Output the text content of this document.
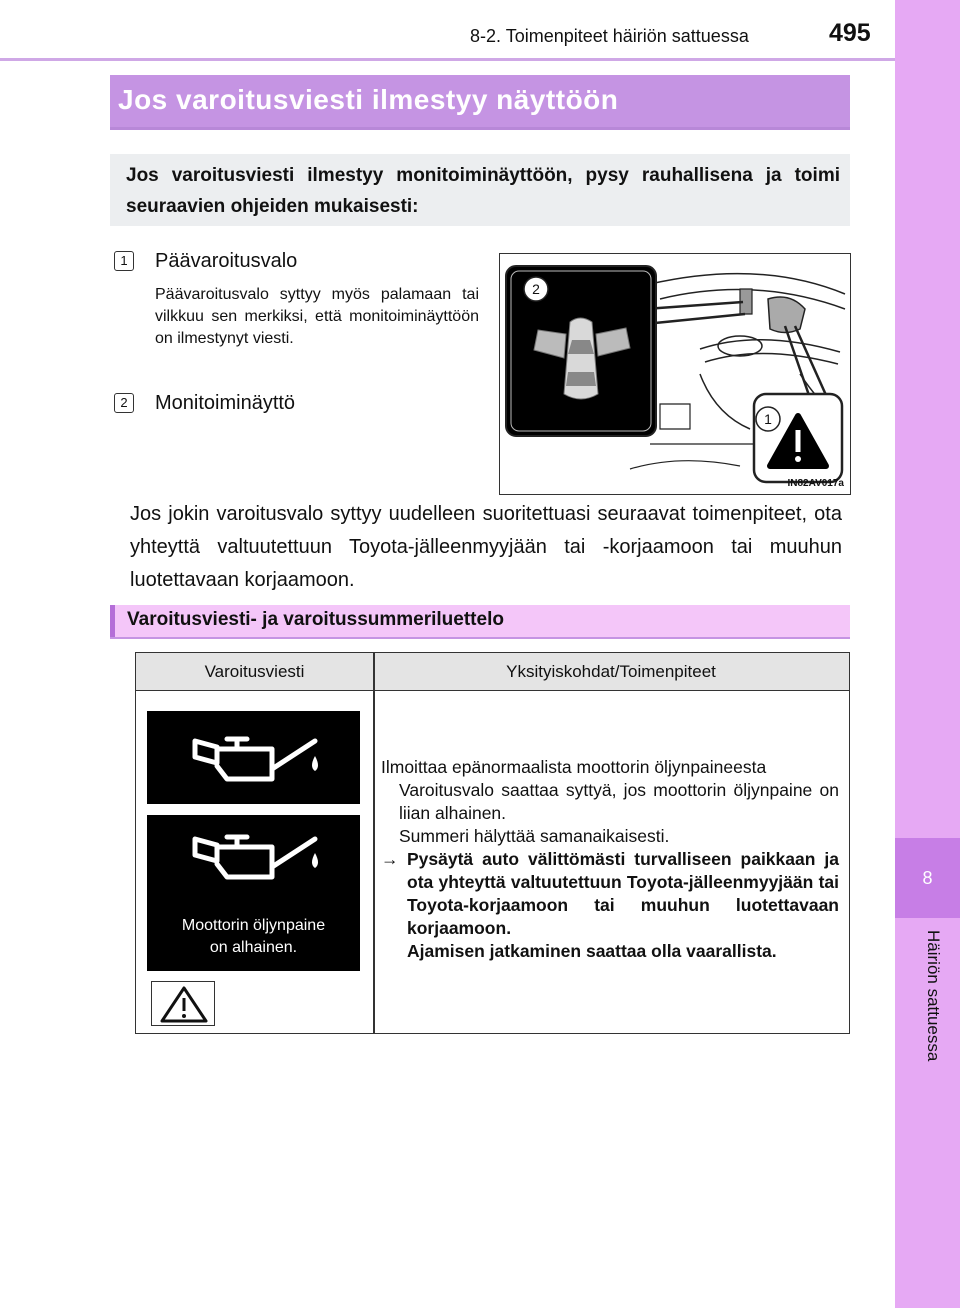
8-2. Toimenpiteet häiriön sattuessa	495
8
Häiriön sattuessa
Jos varoitusviesti ilmestyy näyttöön
Jos varoitusviesti ilmestyy monitoiminäyttöön, pysy rauhallisena ja toimi seuraavien ohjeiden mukaisesti:
1	Päävaroitusvalo
Päävaroitusvalo syttyy myös palamaan tai vilkkuu sen merkiksi, että monitoiminäyttöön on ilmestynyt viesti.
2	Monitoiminäyttö
2
1
IN82AV017a
Jos jokin varoitusvalo syttyy uudelleen suoritettuasi seuraavat toimenpiteet, ota yhteyttä valtuutettuun Toyota-jälleenmyyjään tai -korjaamoon tai muuhun luotettavaan korjaamoon.
Varoitusviesti- ja varoitussummeriluettelo
Varoitusviesti	Yksityiskohdat/Toimenpiteet
Moottorin öljynpaine
on alhainen.

Ilmoittaa epänormaalista moottorin öljynpaineesta

Varoitusvalo saattaa syttyä, jos moottorin öljynpaine on liian alhainen.

Summeri hälyttää samanaikaisesti.

→ Pysäytä auto välittömästi turvalliseen paikkaan ja ota yhteyttä valtuutettuun Toyota-jälleenmyyjään tai Toyota-korjaamoon tai muuhun luotettavaan korjaamoon.

Ajamisen jatkaminen saattaa olla vaarallista.
